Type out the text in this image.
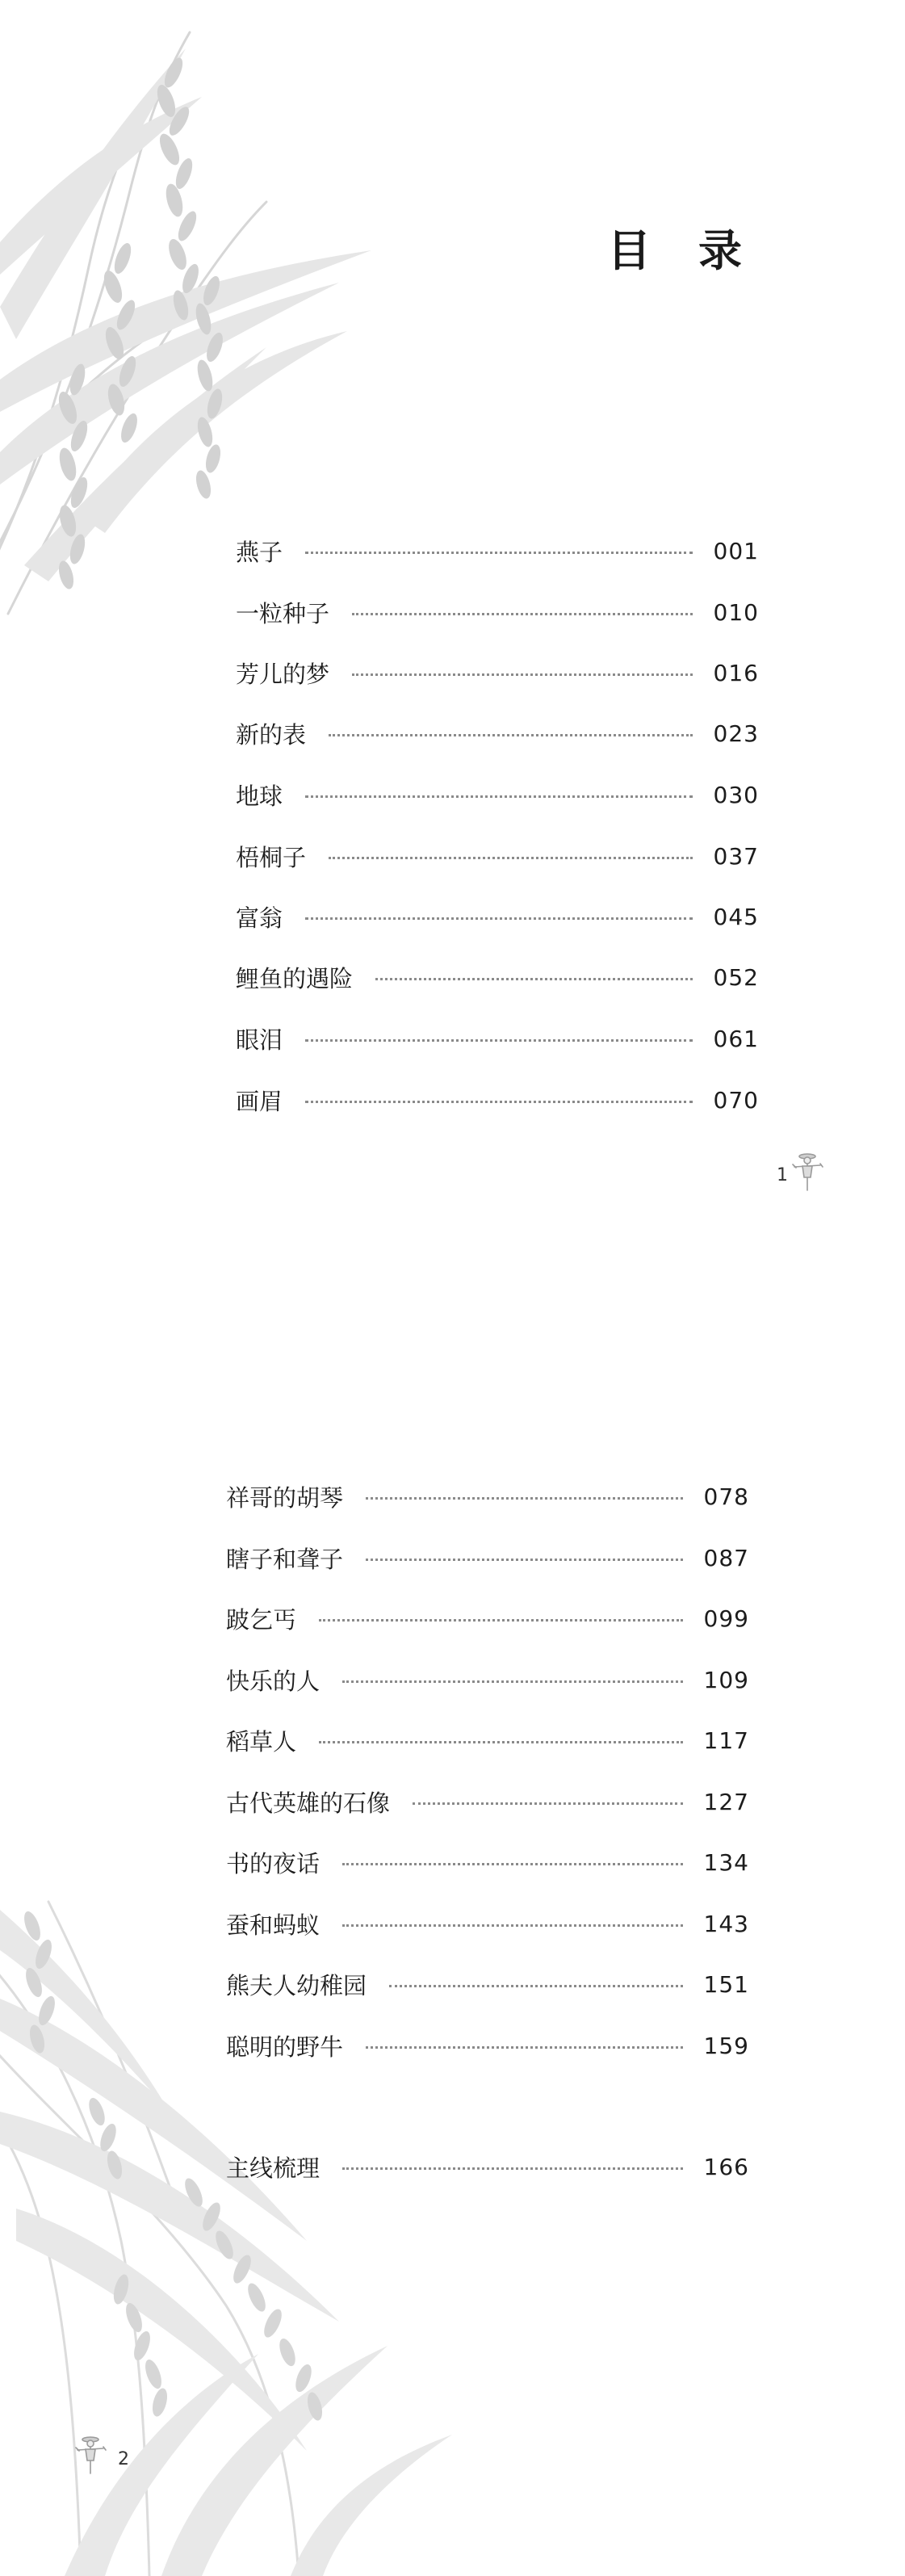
目 录
燕子	001
一粒种子	010
芳儿的梦	016
新的表	023
地球	030
梧桐子	037
富翁	045
鲤鱼的遇险	052
眼泪	061
画眉	070
1
祥哥的胡琴	078
瞎子和聋子	087
跛乞丐	099
快乐的人	109
稻草人	117
古代英雄的石像	127
书的夜话	134
蚕和蚂蚁	143
熊夫人幼稚园	151
聪明的野牛	159
主线梳理	166
2
